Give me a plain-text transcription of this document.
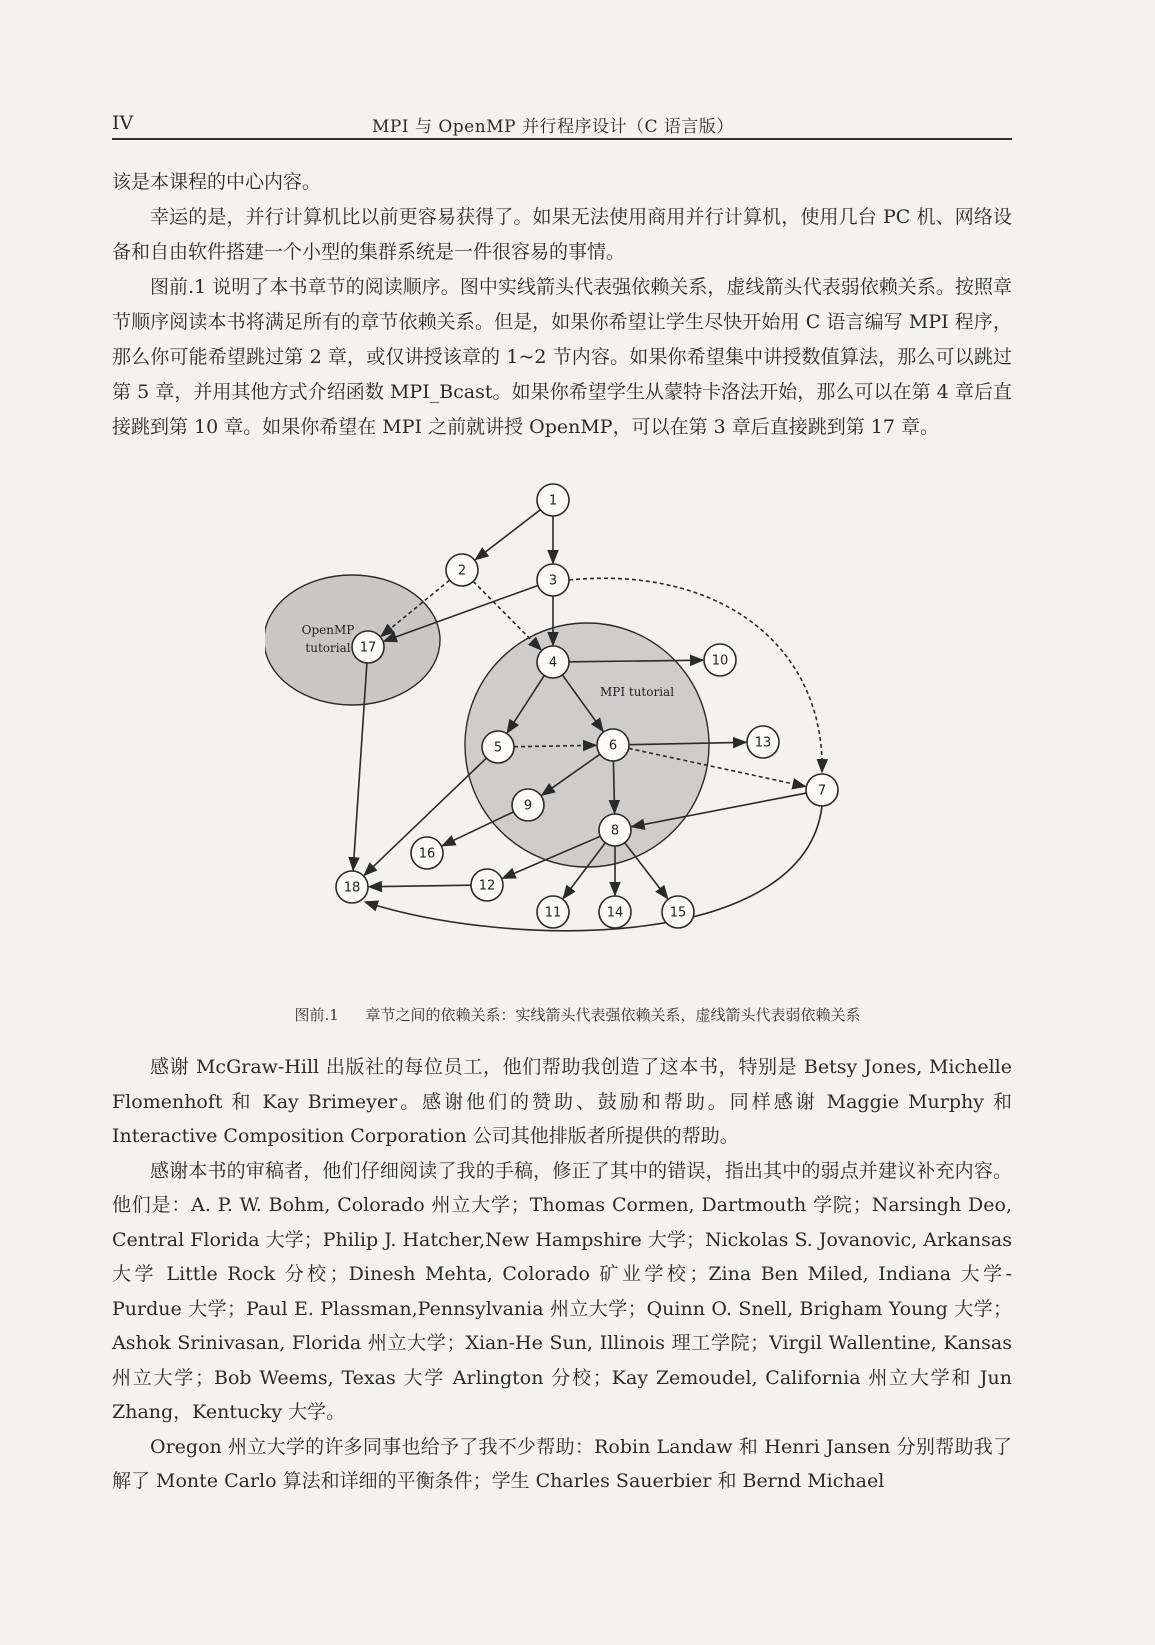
IV	MPI 与 OpenMP 并行程序设计（C 语言版）

该是本课程的中心内容。

幸运的是，并行计算机比以前更容易获得了。如果无法使用商用并行计算机，使用几台 PC 机、网络设备和自由软件搭建一个小型的集群系统是一件很容易的事情。

图前.1 说明了本书章节的阅读顺序。图中实线箭头代表强依赖关系，虚线箭头代表弱依赖关系。按照章节顺序阅读本书将满足所有的章节依赖关系。但是，如果你希望让学生尽快开始用 C 语言编写 MPI 程序，那么你可能希望跳过第 2 章，或仅讲授该章的 1~2 节内容。如果你希望集中讲授数值算法，那么可以跳过第 5 章，并用其他方式介绍函数 MPI_Bcast。如果你希望学生从蒙特卡洛法开始，那么可以在第 4 章后直接跳到第 10 章。如果你希望在 MPI 之前就讲授 OpenMP，可以在第 3 章后直接跳到第 17 章。

OpenMP
tutorial
MPI tutorial
1
2
3
4
5	6
7
8
9
10
11
12
13
14	15
16
17
18
图前.1 章节之间的依赖关系：实线箭头代表强依赖关系，虚线箭头代表弱依赖关系

感谢 McGraw-Hill 出版社的每位员工，他们帮助我创造了这本书，特别是 Betsy Jones, Michelle Flomenhoft 和 Kay Brimeyer。感谢他们的赞助、鼓励和帮助。同样感谢 Maggie Murphy 和 Interactive Composition Corporation 公司其他排版者所提供的帮助。

感谢本书的审稿者，他们仔细阅读了我的手稿，修正了其中的错误，指出其中的弱点并建议补充内容。他们是：A. P. W. Bohm, Colorado 州立大学；Thomas Cormen, Dartmouth 学院；Narsingh Deo, Central Florida 大学；Philip J. Hatcher,New Hampshire 大学；Nickolas S. Jovanovic, Arkansas 大学 Little Rock 分校；Dinesh Mehta, Colorado 矿业学校；Zina Ben Miled, Indiana 大学-Purdue 大学；Paul E. Plassman,Pennsylvania 州立大学；Quinn O. Snell, Brigham Young 大学；Ashok Srinivasan, Florida 州立大学；Xian-He Sun, Illinois 理工学院；Virgil Wallentine, Kansas 州立大学；Bob Weems, Texas 大学 Arlington 分校；Kay Zemoudel, California 州立大学和 Jun Zhang，Kentucky 大学。

Oregon 州立大学的许多同事也给予了我不少帮助：Robin Landaw 和 Henri Jansen 分别帮助我了解了 Monte Carlo 算法和详细的平衡条件；学生 Charles Sauerbier 和 Bernd Michael
